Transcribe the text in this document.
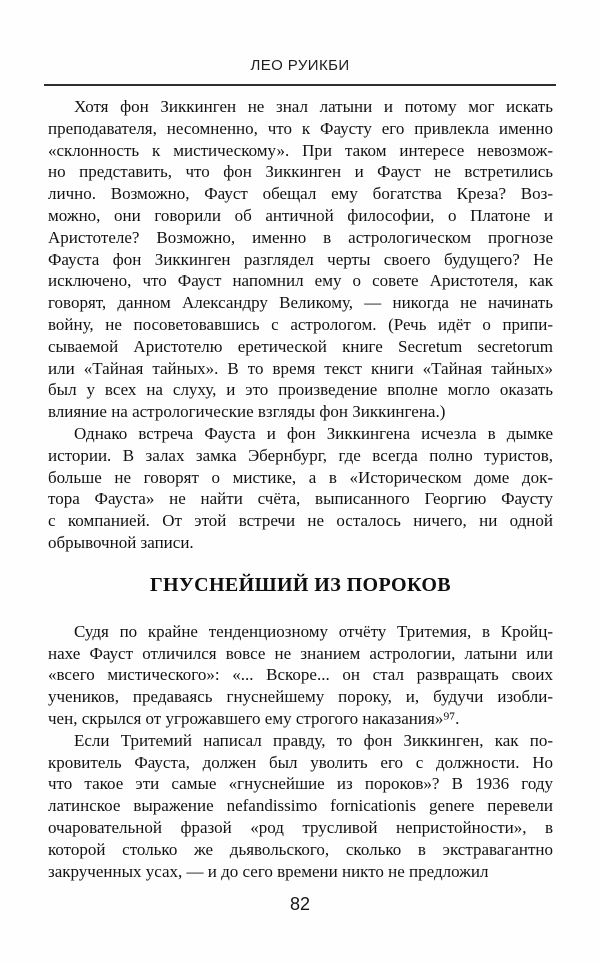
ЛЕО РУИКБИ
Хотя фон Зиккинген не знал латыни и потому мог искать
преподавателя, несомненно, что к Фаусту его привлекла именно
«склонность к мистическому». При таком интересе невозмож-
но представить, что фон Зиккинген и Фауст не встретились
лично. Возможно, Фауст обещал ему богатства Креза? Воз-
можно, они говорили об античной философии, о Платоне и
Аристотеле? Возможно, именно в астрологическом прогнозе
Фауста фон Зиккинген разглядел черты своего будущего? Не
исключено, что Фауст напомнил ему о совете Аристотеля, как
говорят, данном Александру Великому, — никогда не начинать
войну, не посоветовавшись с астрологом. (Речь идёт о припи-
сываемой Аристотелю еретической книге Secretum secretorum
или «Тайная тайных». В то время текст книги «Тайная тайных»
был у всех на слуху, и это произведение вполне могло оказать
влияние на астрологические взгляды фон Зиккингена.)
Однако встреча Фауста и фон Зиккингена исчезла в дымке
истории. В залах замка Эбернбург, где всегда полно туристов,
больше не говорят о мистике, а в «Историческом доме док-
тора Фауста» не найти счёта, выписанного Георгию Фаусту
с компанией. От этой встречи не осталось ничего, ни одной
обрывочной записи.
ГНУСНЕЙШИЙ ИЗ ПОРОКОВ
Судя по крайне тенденциозному отчёту Тритемия, в Кройц-
нахе Фауст отличился вовсе не знанием астрологии, латыни или
«всего мистического»: «... Вскоре... он стал развращать своих
учеников, предаваясь гнуснейшему пороку, и, будучи изобли-
чен, скрылся от угрожавшего ему строгого наказания»⁹⁷.
Если Тритемий написал правду, то фон Зиккинген, как по-
кровитель Фауста, должен был уволить его с должности. Но
что такое эти самые «гнуснейшие из пороков»? В 1936 году
латинское выражение nefandissimo fornicationis genere перевели
очаровательной фразой «род трусливой непристойности», в
которой столько же дьявольского, сколько в экстравагантно
закрученных усах, — и до сего времени никто не предложил
82
